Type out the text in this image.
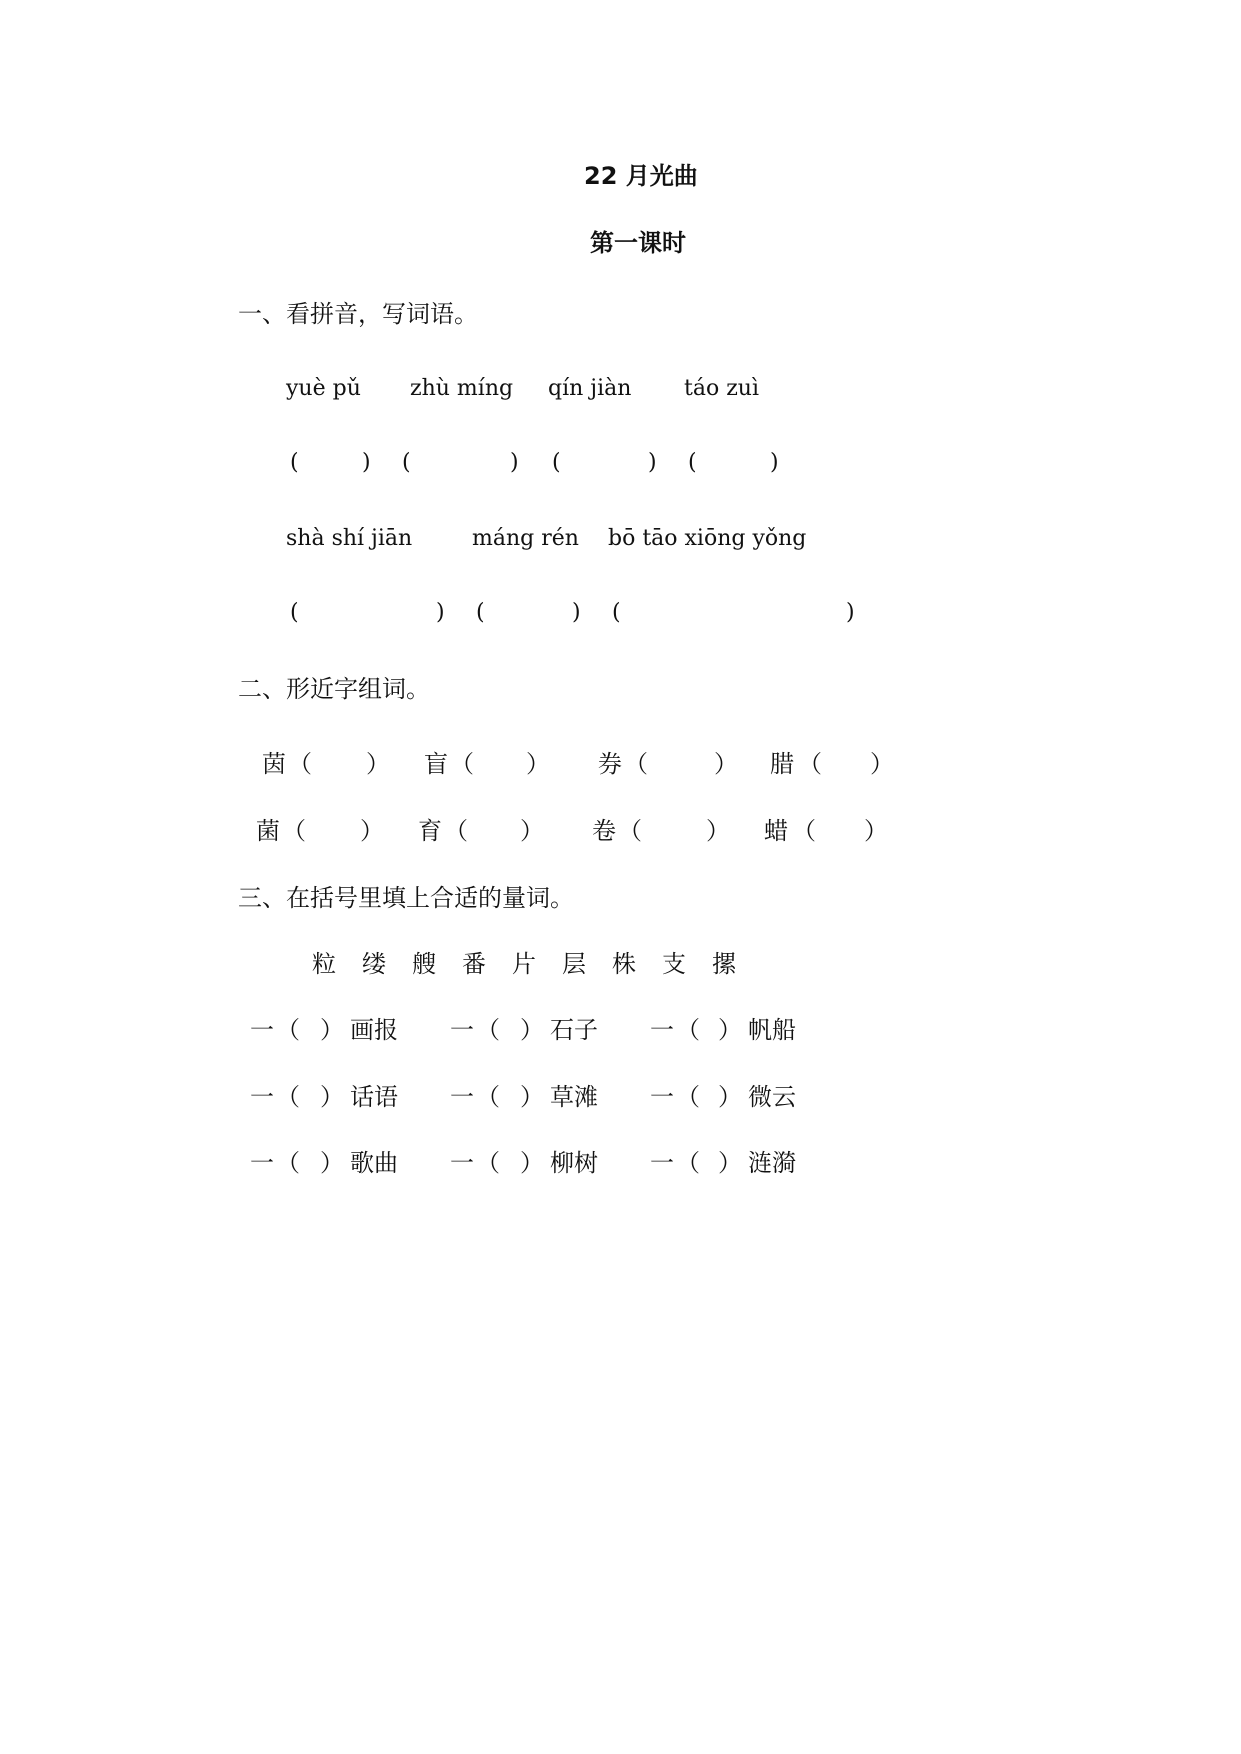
22 月光曲
第一课时
一、看拼音，写词语。
yuè pǔ zhù míng qín jiàn táo zuì
(	) (	) (	) (	)
shà shí jiān	máng rén bō tāo xiōng yǒng
(	) (	) (	)
二、形近字组词。
茵 （ ） 盲 （ ） 券 （	） 腊 （ ）
菌 （ ） 育 （ ） 卷 （	） 蜡 （ ）
三、在括号里填上合适的量词。
粒 缕 艘 番 片 层 株 支 摞
一 （ ） 画报 一 （ ） 石子 一 （ ） 帆船
一 （ ） 话语 一 （ ） 草滩 一 （ ） 微云
一 （ ） 歌曲 一 （ ） 柳树 一 （ ） 涟漪
